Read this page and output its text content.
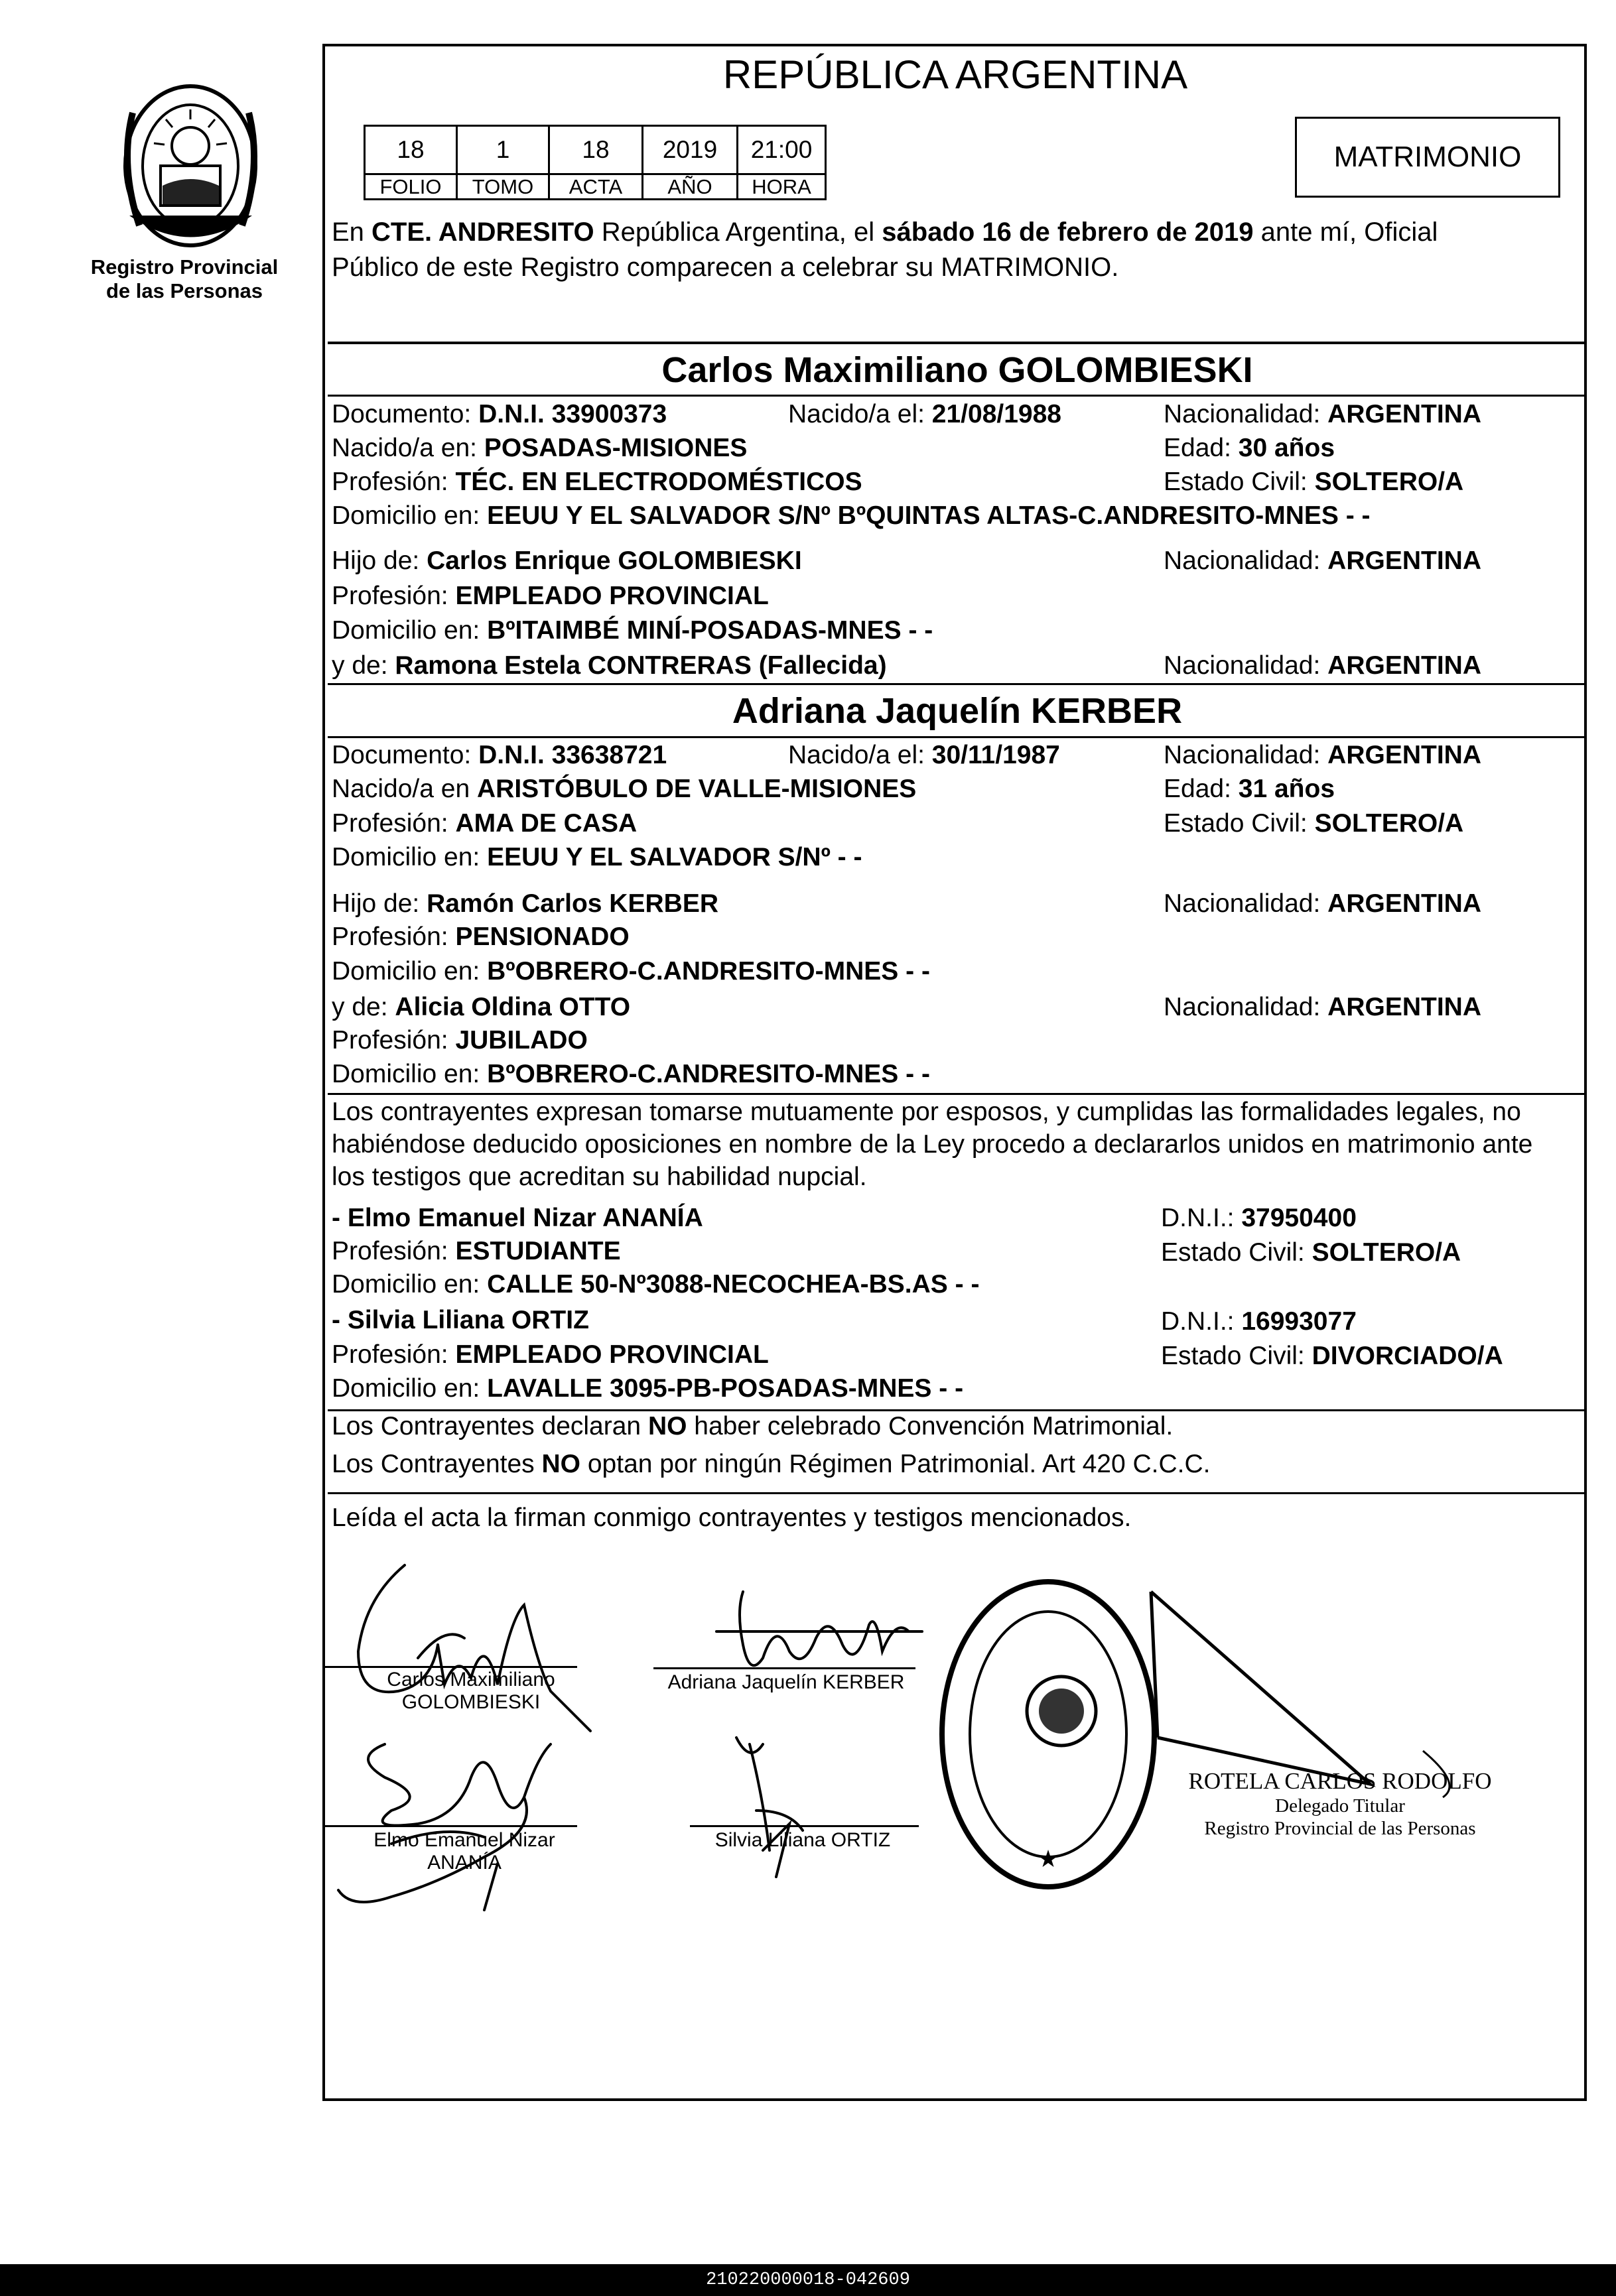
Registro Provincial
de las Personas
REPÚBLICA ARGENTINA
18	1	18	2019	21:00
FOLIO	TOMO	ACTA	AÑO	HORA
MATRIMONIO
En CTE. ANDRESITO República Argentina, el sábado 16 de febrero de 2019 ante mí, Oficial
Público de este Registro comparecen a celebrar su MATRIMONIO.
Carlos Maximiliano GOLOMBIESKI
Documento: D.N.I. 33900373	Nacido/a el: 21/08/1988	Nacionalidad: ARGENTINA
Nacido/a en: POSADAS-MISIONES	Edad: 30 años
Profesión: TÉC. EN ELECTRODOMÉSTICOS	Estado Civil: SOLTERO/A
Domicilio en: EEUU Y EL SALVADOR S/Nº BºQUINTAS ALTAS-C.ANDRESITO-MNES - -
Hijo de: Carlos Enrique GOLOMBIESKI	Nacionalidad: ARGENTINA
Profesión: EMPLEADO PROVINCIAL
Domicilio en: BºITAIMBÉ MINÍ-POSADAS-MNES - -
y de: Ramona Estela CONTRERAS (Fallecida)	Nacionalidad: ARGENTINA
Adriana Jaquelín KERBER
Documento: D.N.I. 33638721	Nacido/a el: 30/11/1987	Nacionalidad: ARGENTINA
Nacido/a en ARISTÓBULO DE VALLE-MISIONES	Edad: 31 años
Profesión: AMA DE CASA	Estado Civil: SOLTERO/A
Domicilio en: EEUU Y EL SALVADOR S/Nº - -
Hijo de: Ramón Carlos KERBER	Nacionalidad: ARGENTINA
Profesión: PENSIONADO
Domicilio en: BºOBRERO-C.ANDRESITO-MNES - -
y de: Alicia Oldina OTTO	Nacionalidad: ARGENTINA
Profesión: JUBILADO
Domicilio en: BºOBRERO-C.ANDRESITO-MNES - -
Los contrayentes expresan tomarse mutuamente por esposos, y cumplidas las formalidades legales, no
habiéndose deducido oposiciones en nombre de la Ley procedo a declararlos unidos en matrimonio ante
los testigos que acreditan su habilidad nupcial.
- Elmo Emanuel Nizar ANANÍA	D.N.I.: 37950400
Profesión: ESTUDIANTE	Estado Civil: SOLTERO/A
Domicilio en: CALLE 50-Nº3088-NECOCHEA-BS.AS - -
- Silvia Liliana ORTIZ	D.N.I.: 16993077
Profesión: EMPLEADO PROVINCIAL	Estado Civil: DIVORCIADO/A
Domicilio en: LAVALLE 3095-PB-POSADAS-MNES - -
Los Contrayentes declaran NO haber celebrado Convención Matrimonial.
Los Contrayentes NO optan por ningún Régimen Patrimonial. Art 420 C.C.C.
Leída el acta la firman conmigo contrayentes y testigos mencionados.
Carlos Maximiliano
GOLOMBIESKI
Adriana Jaquelín KERBER
Elmo Emanuel Nizar
ANANÍA
Silvia Liliana ORTIZ
★
ROTELA CARLOS RODOLFO
Delegado Titular
Registro Provincial de las Personas
210220000018-042609
